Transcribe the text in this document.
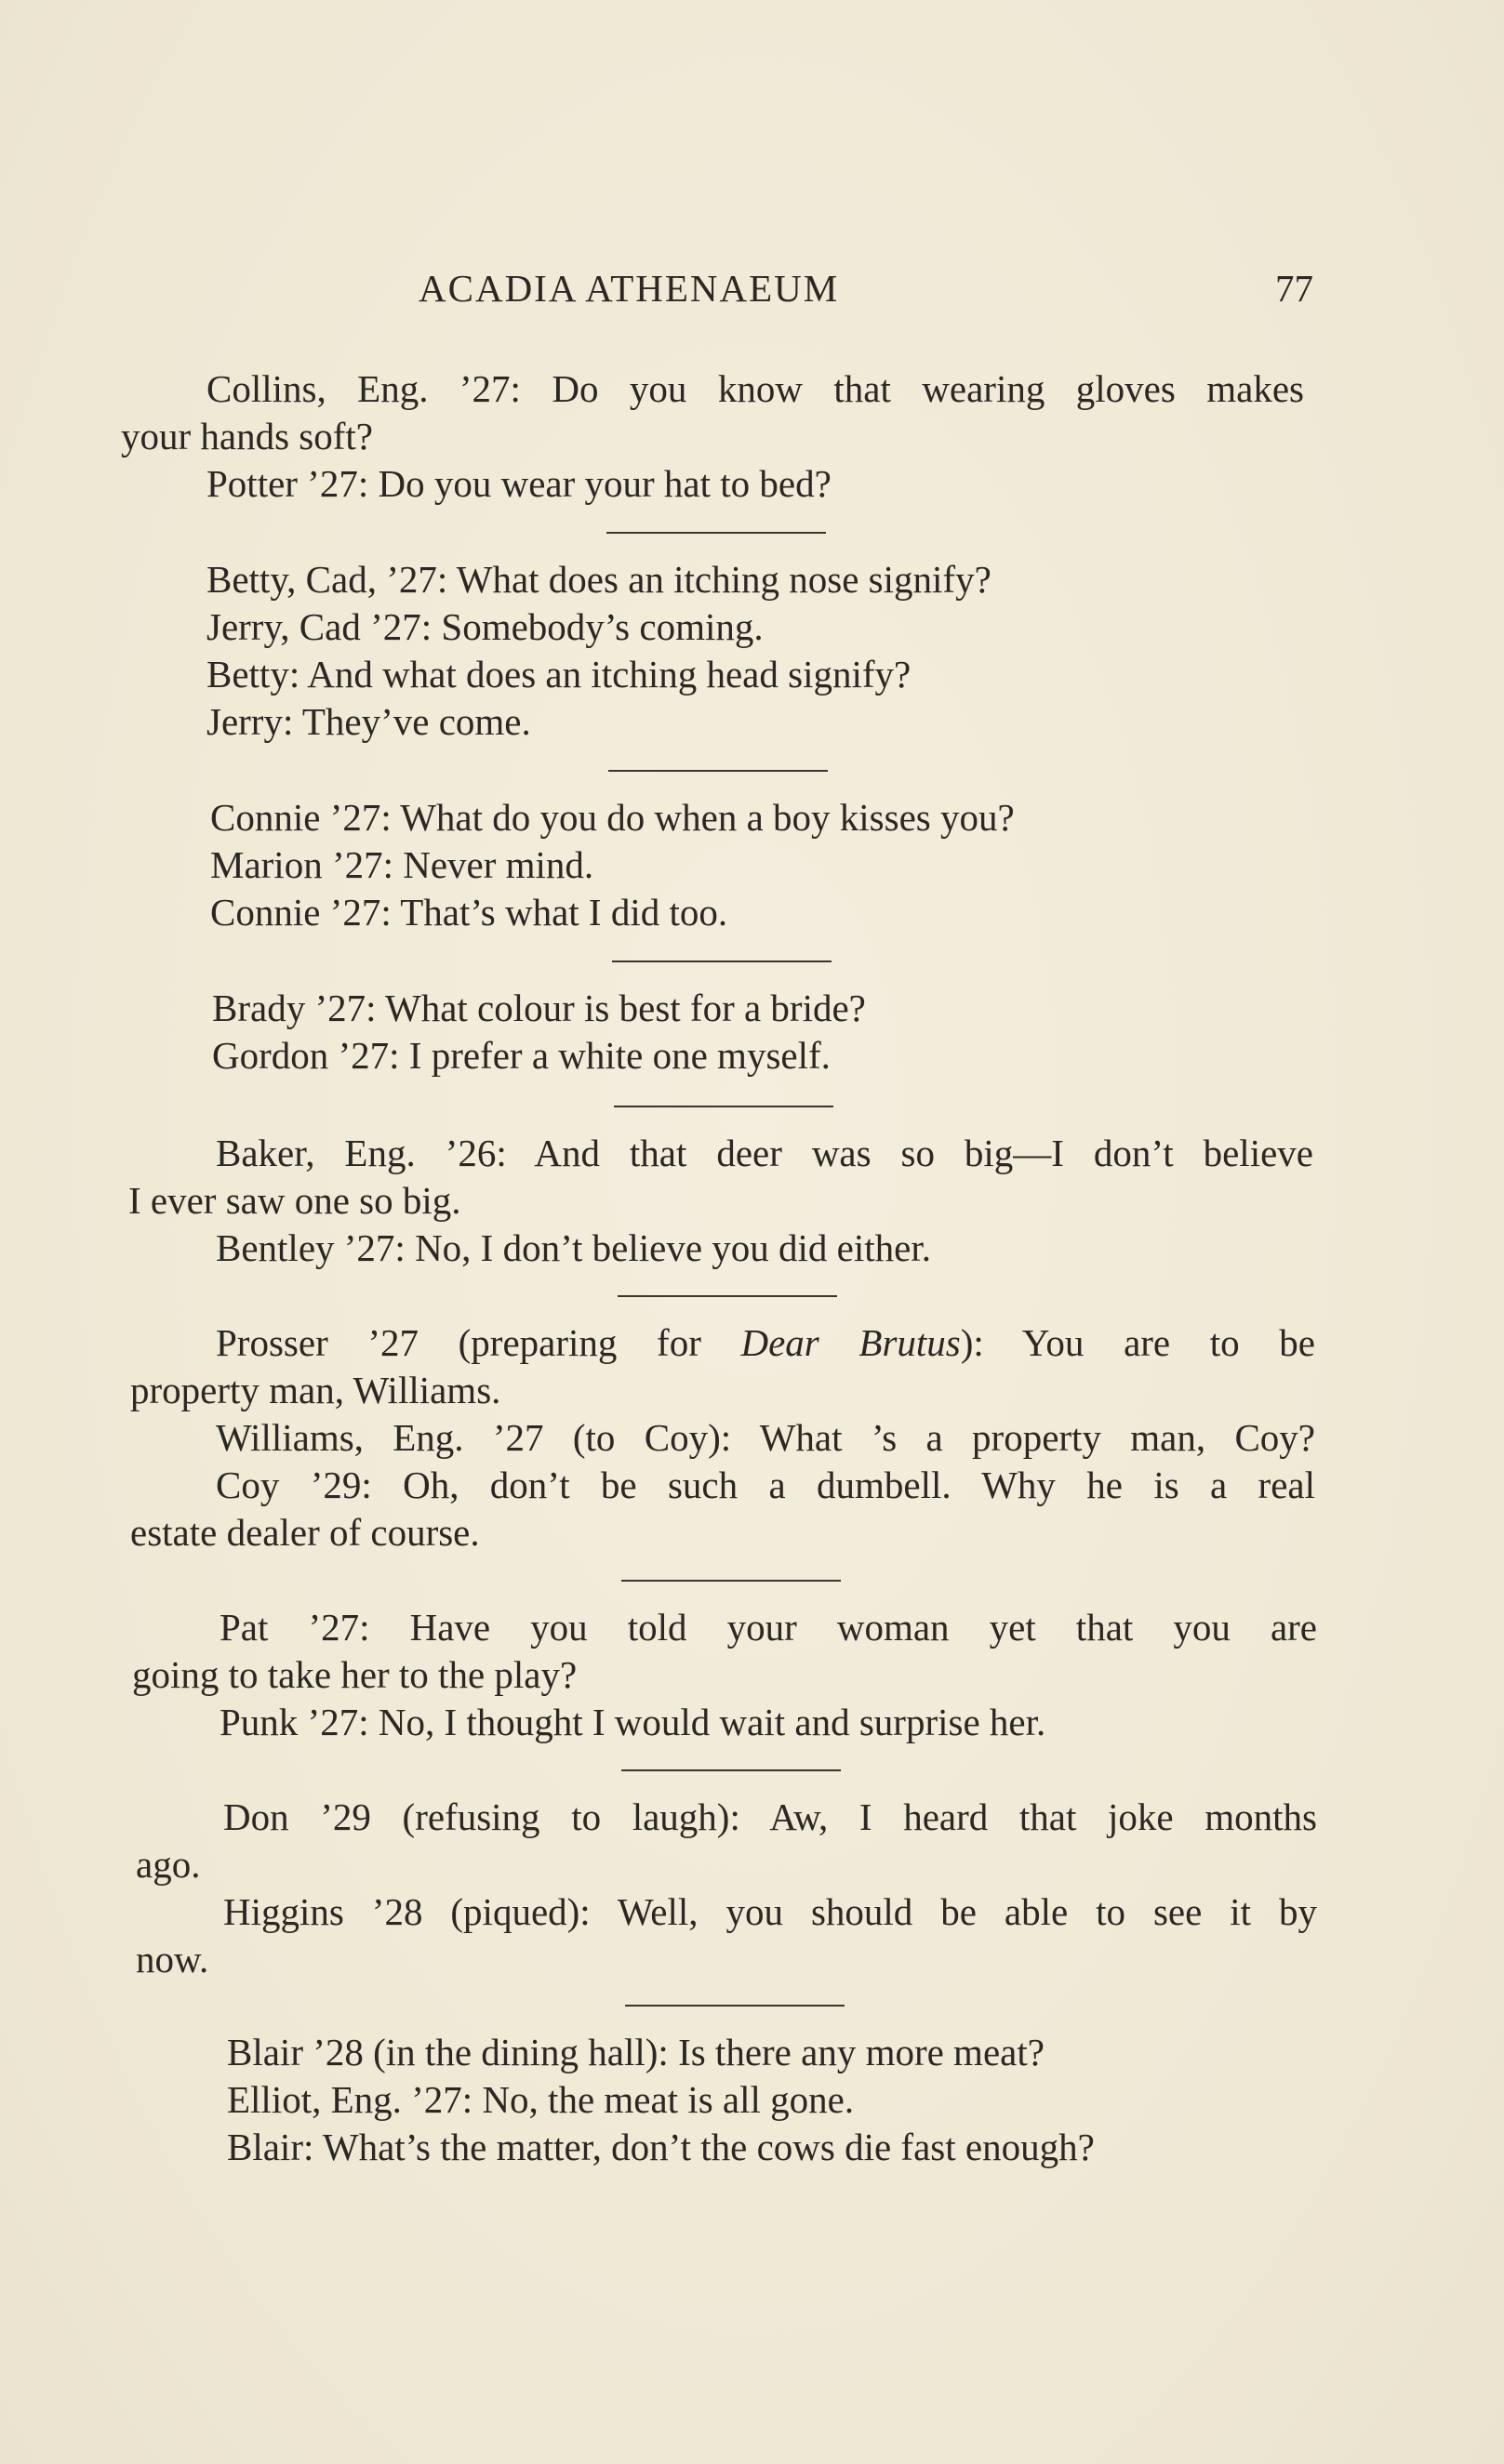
ACADIA ATHENAEUM	77
Collins, Eng. ’27: Do you know that wearing gloves makes
your hands soft?
Potter ’27: Do you wear your hat to bed?
Betty, Cad, ’27: What does an itching nose signify?
Jerry, Cad ’27: Somebody’s coming.
Betty: And what does an itching head signify?
Jerry: They’ve come.
Connie ’27: What do you do when a boy kisses you?
Marion ’27: Never mind.
Connie ’27: That’s what I did too.
Brady ’27: What colour is best for a bride?
Gordon ’27: I prefer a white one myself.
Baker, Eng. ’26: And that deer was so big—I don’t believe
I ever saw one so big.
Bentley ’27: No, I don’t believe you did either.
Prosser ’27 (preparing for Dear Brutus): You are to be
property man, Williams.
Williams, Eng. ’27 (to Coy): What ’s a property man, Coy?
Coy ’29: Oh, don’t be such a dumbell. Why he is a real
estate dealer of course.
Pat ’27: Have you told your woman yet that you are
going to take her to the play?
Punk ’27: No, I thought I would wait and surprise her.
Don ’29 (refusing to laugh): Aw, I heard that joke months
ago.
Higgins ’28 (piqued): Well, you should be able to see it by
now.
Blair ’28 (in the dining hall): Is there any more meat?
Elliot, Eng. ’27: No, the meat is all gone.
Blair: What’s the matter, don’t the cows die fast enough?
